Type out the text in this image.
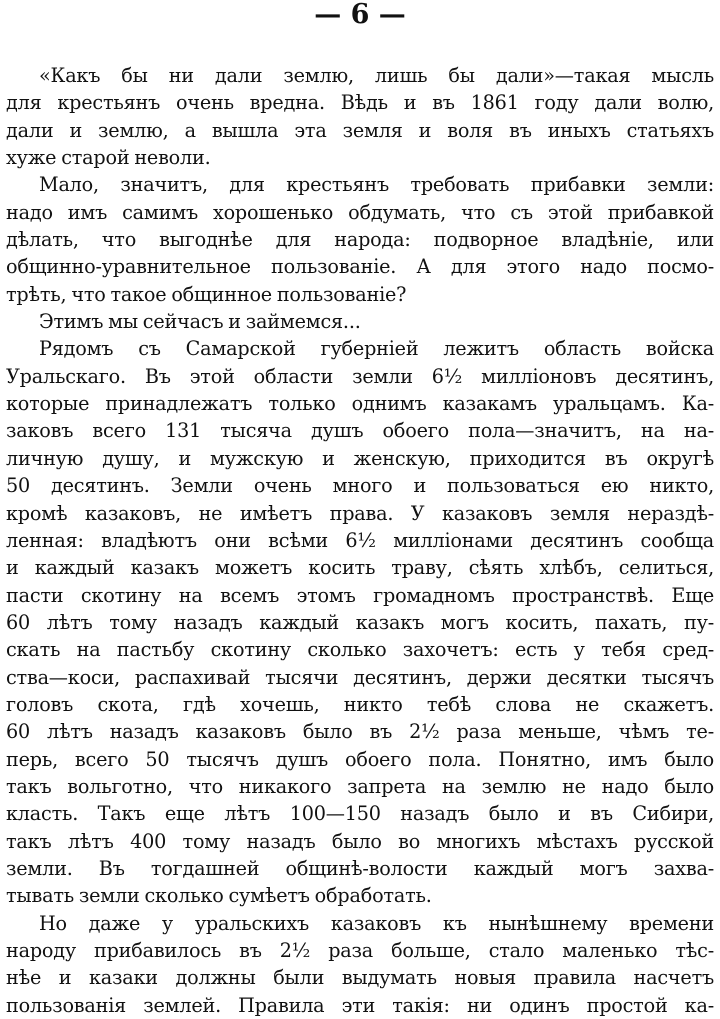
— 6 —
«Какъ бы ни дали землю, лишь бы дали»—такая мысль
для крестьянъ очень вредна. Вѣдь и въ 1861 году дали волю,
дали и землю, а вышла эта земля и воля въ иныхъ статьяхъ
хуже старой неволи.
Мало, значитъ, для крестьянъ требовать прибавки земли:
надо имъ самимъ хорошенько обдумать, что съ этой прибавкой
дѣлать, что выгоднѣе для народа: подворное владѣніе, или
общинно-уравнительное пользованіе. А для этого надо посмо-
трѣть, что такое общинное пользованіе?
Этимъ мы сейчасъ и займемся...
Рядомъ съ Самарской губерніей лежитъ область войска
Уральскаго. Въ этой области земли 6½ милліоновъ десятинъ,
которые принадлежатъ только однимъ казакамъ уральцамъ. Ка-
заковъ всего 131 тысяча душъ обоего пола—значитъ, на на-
личную душу, и мужскую и женскую, приходится въ округѣ
50 десятинъ. Земли очень много и пользоваться ею никто,
кромѣ казаковъ, не имѣетъ права. У казаковъ земля нераздѣ-
ленная: владѣютъ они всѣми 6½ милліонами десятинъ сообща
и каждый казакъ можетъ косить траву, сѣять хлѣбъ, селиться,
пасти скотину на всемъ этомъ громадномъ пространствѣ. Еще
60 лѣтъ тому назадъ каждый казакъ могъ косить, пахать, пу-
скать на пастьбу скотину сколько захочетъ: есть у тебя сред-
ства—коси, распахивай тысячи десятинъ, держи десятки тысячъ
головъ скота, гдѣ хочешь, никто тебѣ слова не скажетъ.
60 лѣтъ назадъ казаковъ было въ 2½ раза меньше, чѣмъ те-
перь, всего 50 тысячъ душъ обоего пола. Понятно, имъ было
такъ вольготно, что никакого запрета на землю не надо было
класть. Такъ еще лѣтъ 100—150 назадъ было и въ Сибири,
такъ лѣтъ 400 тому назадъ было во многихъ мѣстахъ русской
земли. Въ тогдашней общинѣ-волости каждый могъ захва-
тывать земли сколько сумѣетъ обработать.
Но даже у уральскихъ казаковъ къ нынѣшнему времени
народу прибавилось въ 2½ раза больше, стало маленько тѣс-
нѣе и казаки должны были выдумать новыя правила насчетъ
пользованія землей. Правила эти такія: ни одинъ простой ка-
